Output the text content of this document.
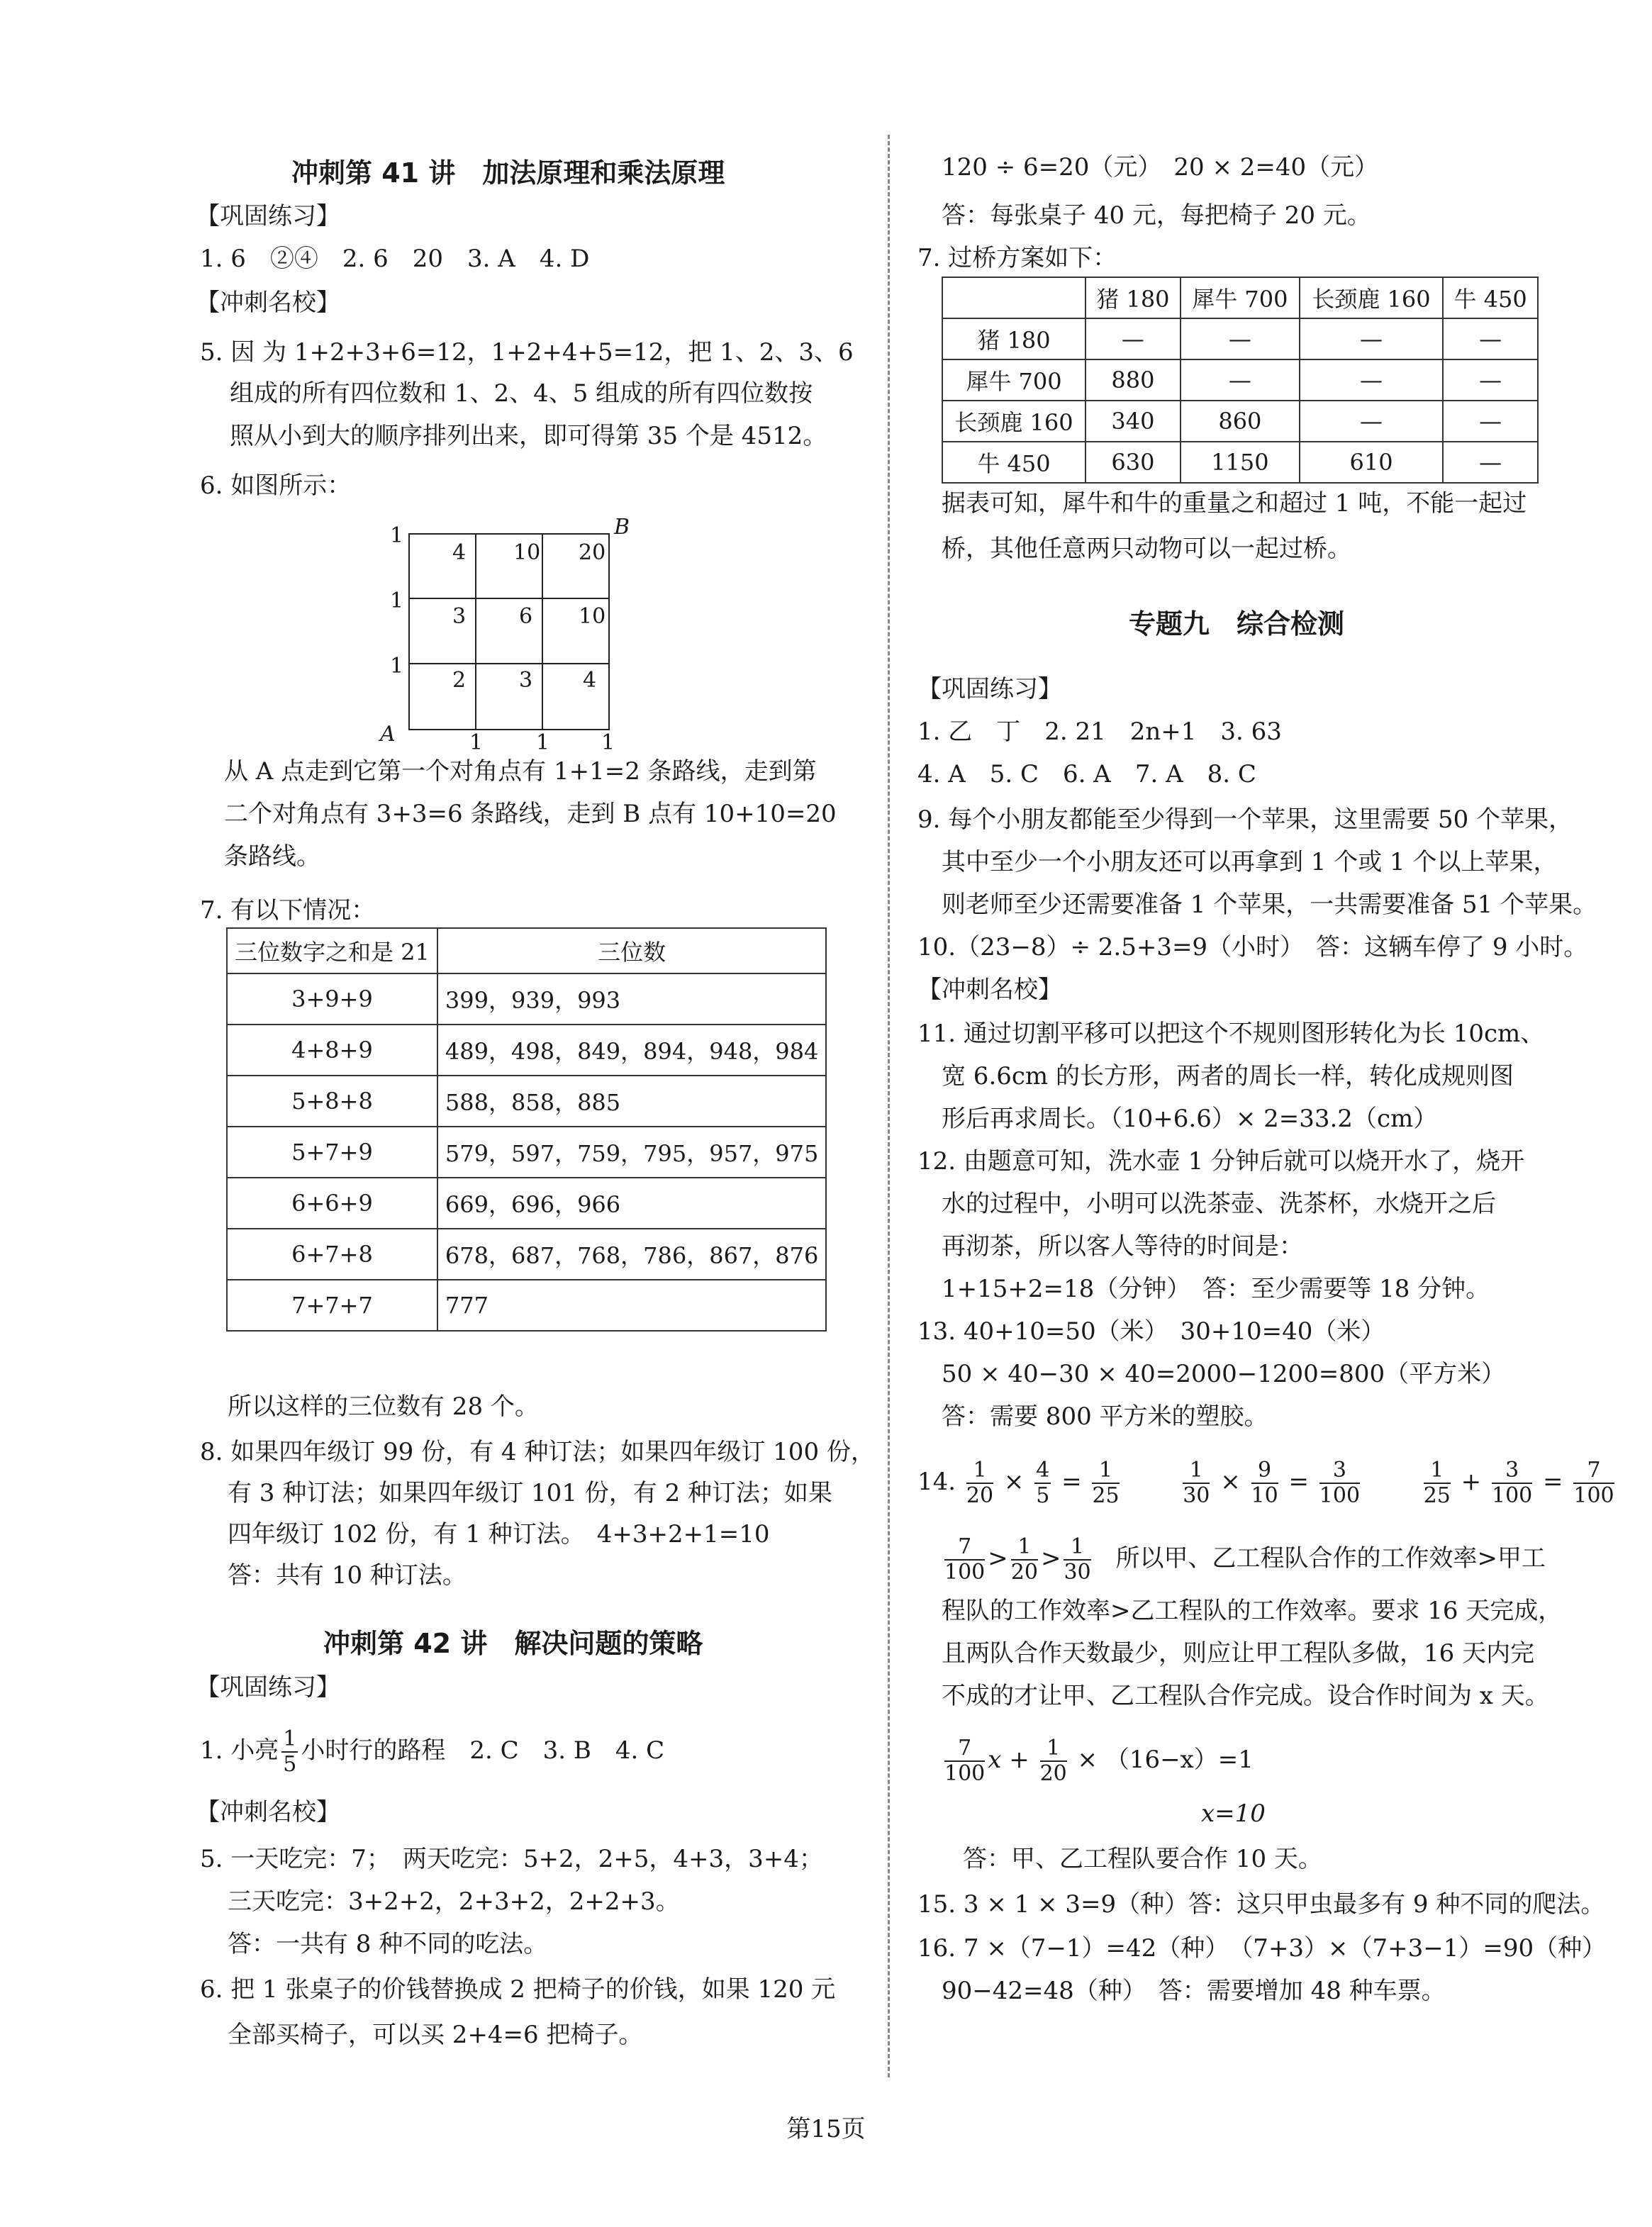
冲刺第 41 讲　加法原理和乘法原理
【巩固练习】
1. 6　②④　2. 6　20　3. A　4. D
【冲刺名校】
5. 因 为 1+2+3+6=12，1+2+4+5=12，把 1、2、3、6
组成的所有四位数和 1、2、4、5 组成的所有四位数按
照从小到大的顺序排列出来，即可得第 35 个是 4512。
6. 如图所示：
4 10 20
3 6 10
2 3 4
1
1
1
1 1 1
A
B
从 A 点走到它第一个对角点有 1+1=2 条路线，走到第
二个对角点有 3+3=6 条路线，走到 B 点有 10+10=20
条路线。
7. 有以下情况：
三位数字之和是 21	三位数
3+9+9	399，939，993
4+8+9	489，498，849，894，948，984
5+8+8	588，858，885
5+7+9	579，597，759，795，957，975
6+6+9	669，696，966
6+7+8	678，687，768，786，867，876
7+7+7	777
所以这样的三位数有 28 个。
8. 如果四年级订 99 份，有 4 种订法；如果四年级订 100 份，
有 3 种订法；如果四年级订 101 份，有 2 种订法；如果
四年级订 102 份，有 1 种订法。　4+3+2+1=10
答：共有 10 种订法。
冲刺第 42 讲　解决问题的策略
【巩固练习】
1. 小亮 $\frac{1}{5}$ 小时行的路程　2. C　3. B　4. C
【冲刺名校】
5. 一天吃完：7；　两天吃完：5+2，2+5，4+3，3+4；
三天吃完：3+2+2，2+3+2，2+2+3。
答：一共有 8 种不同的吃法。
6. 把 1 张桌子的价钱替换成 2 把椅子的价钱，如果 120 元
全部买椅子，可以买 2+4=6 把椅子。
120 ÷ 6=20（元）　20 × 2=40（元）
答：每张桌子 40 元，每把椅子 20 元。
7. 过桥方案如下：
	猪 180	犀牛 700	长颈鹿 160	牛 450
猪 180	—	—	—	—
犀牛 700	880	—	—	—
长颈鹿 160	340	860	—	—
牛 450	630	1150	610	—
据表可知，犀牛和牛的重量之和超过 1 吨，不能一起过
桥，其他任意两只动物可以一起过桥。
专题九　综合检测
【巩固练习】
1. 乙　丁　2. 21　2n+1　3. 63
4. A　5. C　6. A　7. A　8. C
9. 每个小朋友都能至少得到一个苹果，这里需要 50 个苹果，
其中至少一个小朋友还可以再拿到 1 个或 1 个以上苹果，
则老师至少还需要准备 1 个苹果，一共需要准备 51 个苹果。
10.（23−8）÷ 2.5+3=9（小时）　答：这辆车停了 9 小时。
【冲刺名校】
11. 通过切割平移可以把这个不规则图形转化为长 10cm、
宽 6.6cm 的长方形，两者的周长一样，转化成规则图
形后再求周长。（10+6.6）× 2=33.2（cm）
12. 由题意可知，洗水壶 1 分钟后就可以烧开水了，烧开
水的过程中，小明可以洗茶壶、洗茶杯，水烧开之后
再沏茶，所以客人等待的时间是：
1+15+2=18（分钟）　答：至少需要等 18 分钟。
13. 40+10=50（米）　30+10=40（米）
50 × 40−30 × 40=2000−1200=800（平方米）
答：需要 800 平方米的塑胶。
14. $\frac{1}{20} \times \frac{4}{5} = \frac{1}{25}$
	$\frac{1}{30} \times \frac{9}{10} = \frac{3}{100}$
	$\frac{1}{25} + \frac{3}{100} = \frac{7}{100}$
$\frac{7}{100} > \frac{1}{20} > \frac{1}{30}$ 所以甲、乙工程队合作的工作效率>甲工
程队的工作效率>乙工程队的工作效率。要求 16 天完成，
且两队合作天数最少，则应让甲工程队多做，16 天内完
不成的才让甲、乙工程队合作完成。设合作时间为 x 天。
$\frac{7}{100}$ $x + \frac{1}{20} \times (16-x)=1$
x=10
答：甲、乙工程队要合作 10 天。
15. 3 × 1 × 3=9（种）答：这只甲虫最多有 9 种不同的爬法。
16. 7 ×（7−1）=42（种）　（7+3）×（7+3−1）=90（种）
90−42=48（种）　答：需要增加 48 种车票。
第15页
